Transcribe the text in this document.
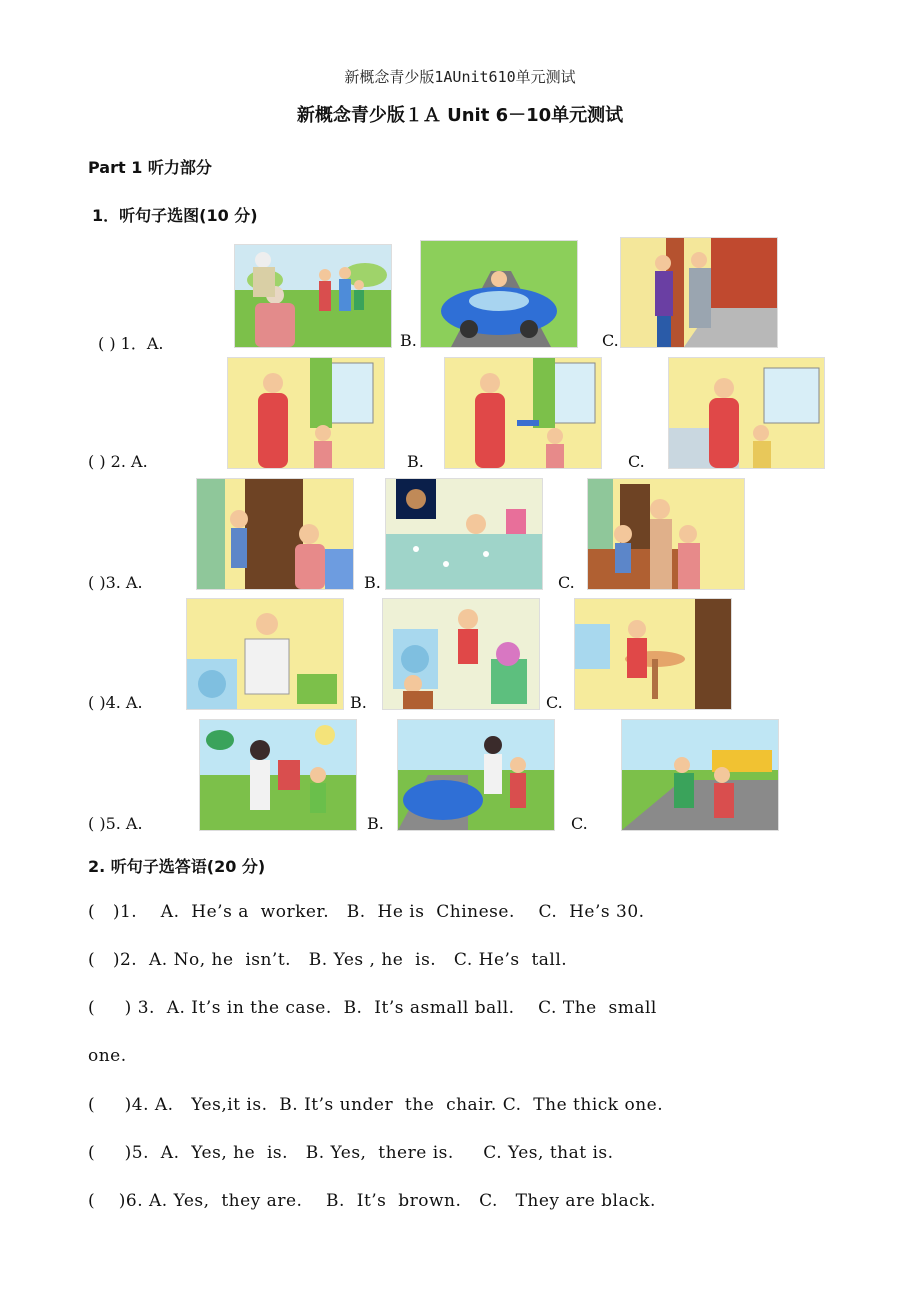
新概念青少版1AUnit610单元测试
新概念青少版１Ａ Unit 6－10单元测试
Part 1 听力部分
1．听句子选图(10 分)
( ) 1．A.	B.	C.
( ) 2. A.	B.	C.
( )3. A.	B.	C.
( )4. A.	B.	C.
( )5. A.	B.	C.
2. 听句子选答语(20 分)
(   )1.    A.  He’s a  worker.   B.  He is  Chinese.    C.  He’s 30.
(   )2.  A. No, he  isn’t.   B. Yes , he  is.   C. He’s  tall.
(     ) 3.  A. It’s in the case.  B.  It’s asmall ball.    C. The  small
one.
(     )4. A.   Yes,it is.  B. It’s under  the  chair. C.  The thick one.
(     )5.  A.  Yes, he  is.   B. Yes,  there is.     C. Yes, that is.
(    )6. A. Yes,  they are.    B.  It’s  brown.   C.   They are black.
